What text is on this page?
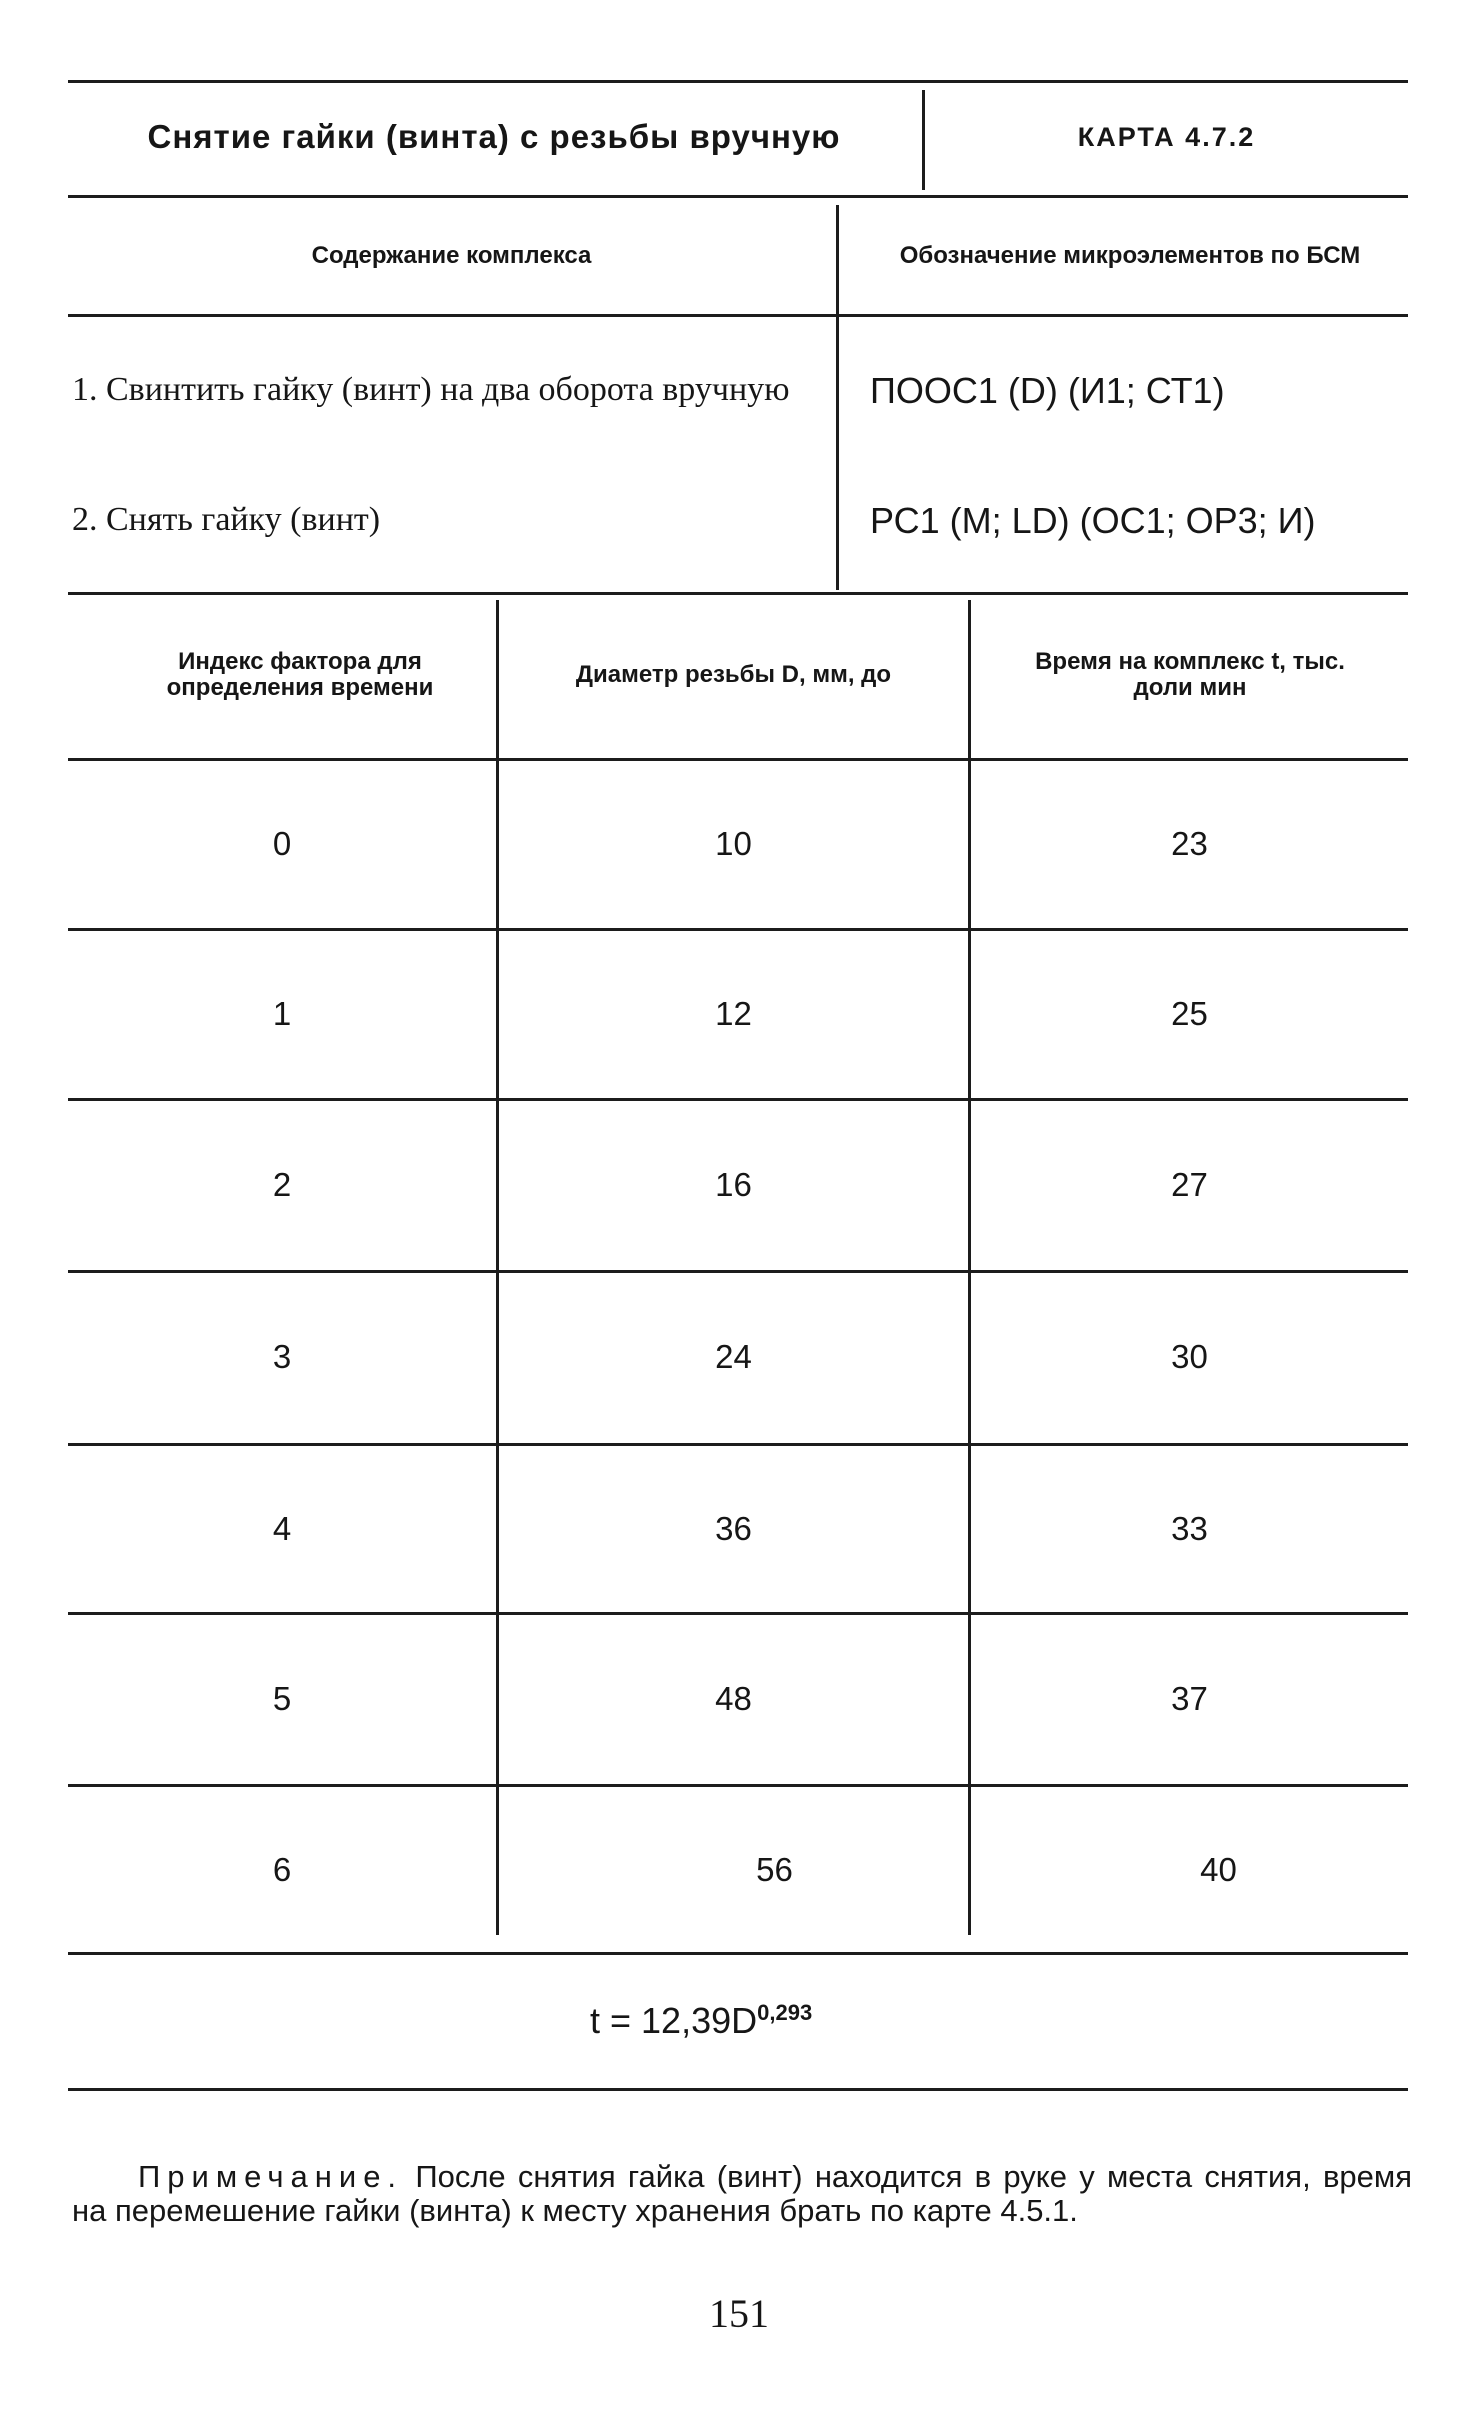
Снятие гайки (винта) с резьбы вручную	КАРТА 4.7.2
Содержание комплекса	Обозначение микроэлементов по БСМ
1. Свинтить гайку (винт) на два оборота вручную	ПООС1 (D) (И1; СТ1)
2. Снять гайку (винт)	РС1 (М; LD) (ОС1; ОР3; И)
Индекс фактора для определения времени	Диаметр резьбы D, мм, до	Время на комплекс t, тыс. доли мин
0	10	23
1	12	25
2	16	27
3	24	30
4	36	33
5	48	37
6	56	40
$t = 12,39D^{0,293}$
Примечание. После снятия гайка (винт) находится в руке у места снятия, время на перемешение гайки (винта) к месту хранения брать по карте 4.5.1.
151
